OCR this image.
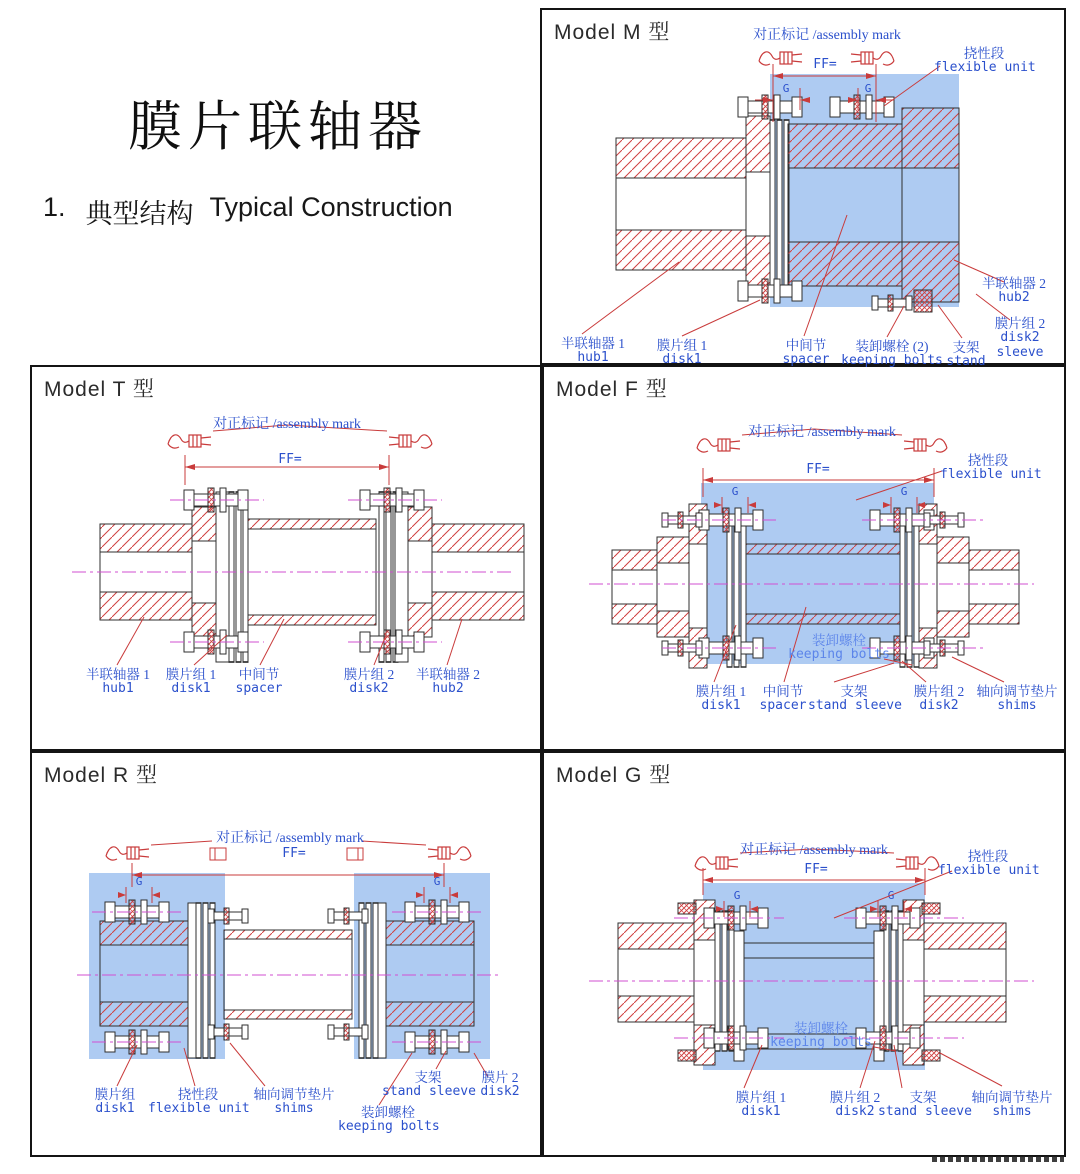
膜片联轴器
1. 典型结构 Typical Construction
Model M 型
G	G
FF=
对正标记 /assembly mark
挠性段
flexible unit
半联轴器 1
hub1
膜片组 1
disk1
中间节
spacer
装卸螺栓 (2)
keeping bolts
支架
stand
膜片组 2
disk2
sleeve
半联轴器 2
hub2
Model T 型
FF=
对正标记 /assembly mark
半联轴器 1
hub1
膜片组 1
disk1
中间节
spacer
膜片组 2
disk2
半联轴器 2
hub2
Model F 型
FF=
G	G
对正标记 /assembly mark
挠性段
flexible unit
装卸螺栓
keeping bolts
膜片组 1
disk1
中间节
spacer
支架
stand sleeve
膜片组 2
disk2
轴向调节垫片
shims
Model R 型
G	G
FF=
对正标记 /assembly mark
膜片组
disk1
挠性段
flexible unit
轴向调节垫片
shims	装卸螺栓
keeping bolts
支架
stand sleeve
膜片 2
disk2
Model G 型
FF=
G	G
对正标记 /assembly mark	挠性段
flexible unit
装卸螺栓
keeping bolts
膜片组 1
disk1
膜片组 2
disk2
支架
stand sleeve
轴向调节垫片
shims
